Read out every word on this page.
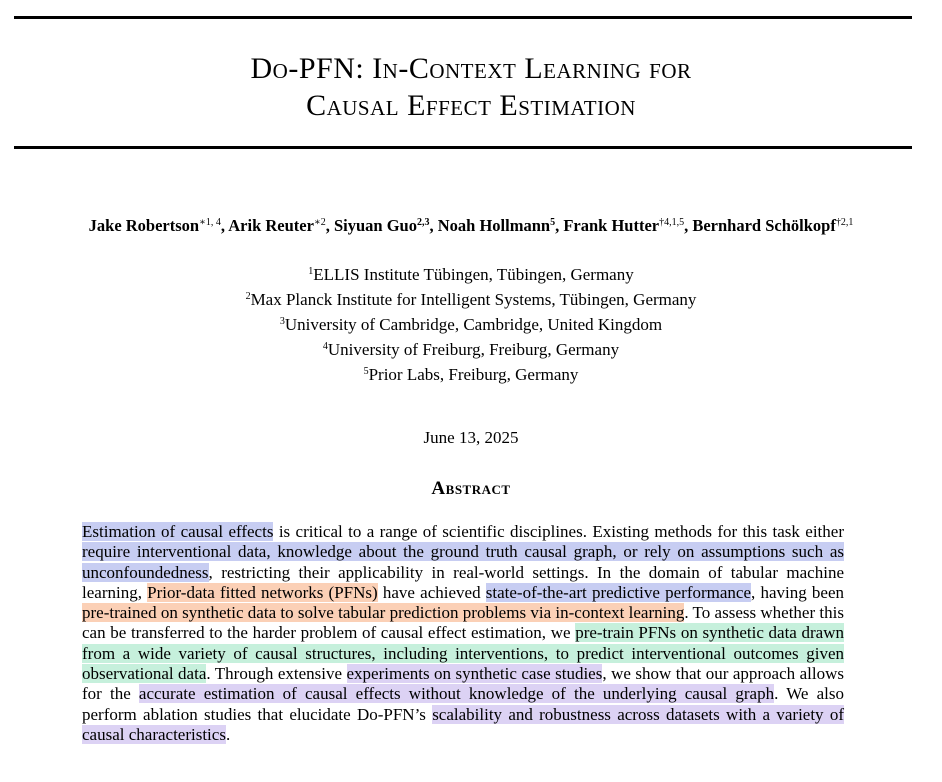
Do-PFN: In-Context Learning for
Causal Effect Estimation
Jake Robertson$^{∗1, 4}$, Arik Reuter$^{∗2}$, Siyuan Guo$^{2,3}$, Noah Hollmann$^5$, Frank Hutter$^{\dagger 4,1,5}$, Bernhard Schölkopf$^{\dagger 2,1}$
$^1$ELLIS Institute Tübingen, Tübingen, Germany
$^2$Max Planck Institute for Intelligent Systems, Tübingen, Germany
$^3$University of Cambridge, Cambridge, United Kingdom
$^4$University of Freiburg, Freiburg, Germany
$^5$Prior Labs, Freiburg, Germany
June 13, 2025
Abstract
Estimation of causal effects is critical to a range of scientific disciplines. Existing methods for this task either require interventional data, knowledge about the ground truth causal graph, or rely on assumptions such as unconfoundedness, restricting their applicability in real-world settings. In the domain of tabular machine learning, Prior-data fitted networks (PFNs) have achieved state-of-the-art predictive performance, having been pre-trained on synthetic data to solve tabular prediction problems via in-context learning. To assess whether this can be transferred to the harder problem of causal effect estimation, we pre-train PFNs on synthetic data drawn from a wide variety of causal structures, including interventions, to predict interventional outcomes given observational data. Through extensive experiments on synthetic case studies, we show that our approach allows for the accurate estimation of causal effects without knowledge of the underlying causal graph. We also perform ablation studies that elucidate Do-PFN’s scalability and robustness across datasets with a variety of causal characteristics.
